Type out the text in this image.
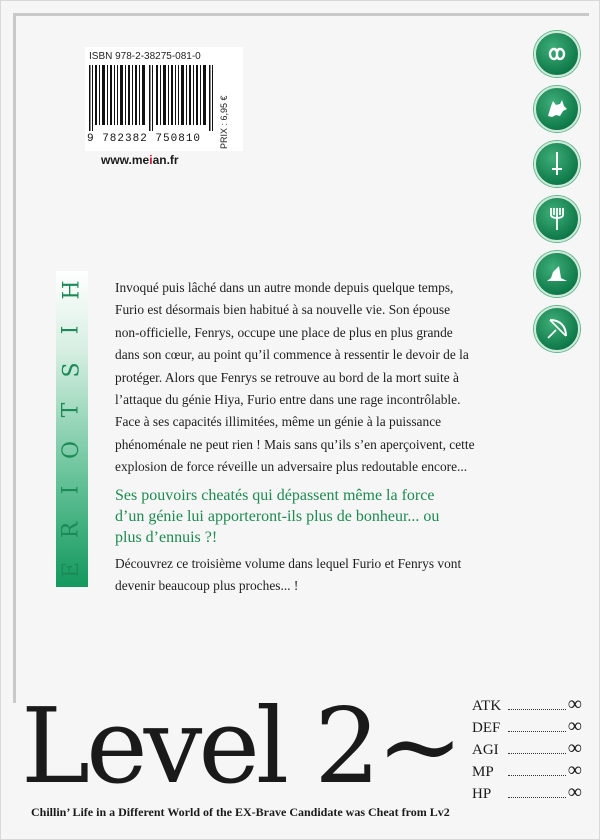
ISBN 978-2-38275-081-0
9 782382 750810 PRIX : 6,95 €
www.meian.fr
E
R
I
O
T
S
I
H Invoqué puis lâché dans un autre monde depuis quelque temps,
Furio est désormais bien habitué à sa nouvelle vie. Son épouse
non-officielle, Fenrys, occupe une place de plus en plus grande
dans son cœur, au point qu’il commence à ressentir le devoir de la
protéger. Alors que Fenrys se retrouve au bord de la mort suite à
l’attaque du génie Hiya, Furio entre dans une rage incontrôlable.
Face à ses capacités illimitées, même un génie à la puissance
phénoménale ne peut rien ! Mais sans qu’ils s’en aperçoivent, cette
explosion de force réveille un adversaire plus redoutable encore...
Ses pouvoirs cheatés qui dépassent même la force
d’un génie lui apporteront-ils plus de bonheur... ou
plus d’ennuis ?!
Découvrez ce troisième volume dans lequel Furio et Fenrys vont
devenir beaucoup plus proches... !
Level 2~ ATK	∞
DEF	∞
AGI	∞
MP	∞
HP	∞
Chillin’ Life in a Different World of the EX-Brave Candidate was Cheat from Lv2
